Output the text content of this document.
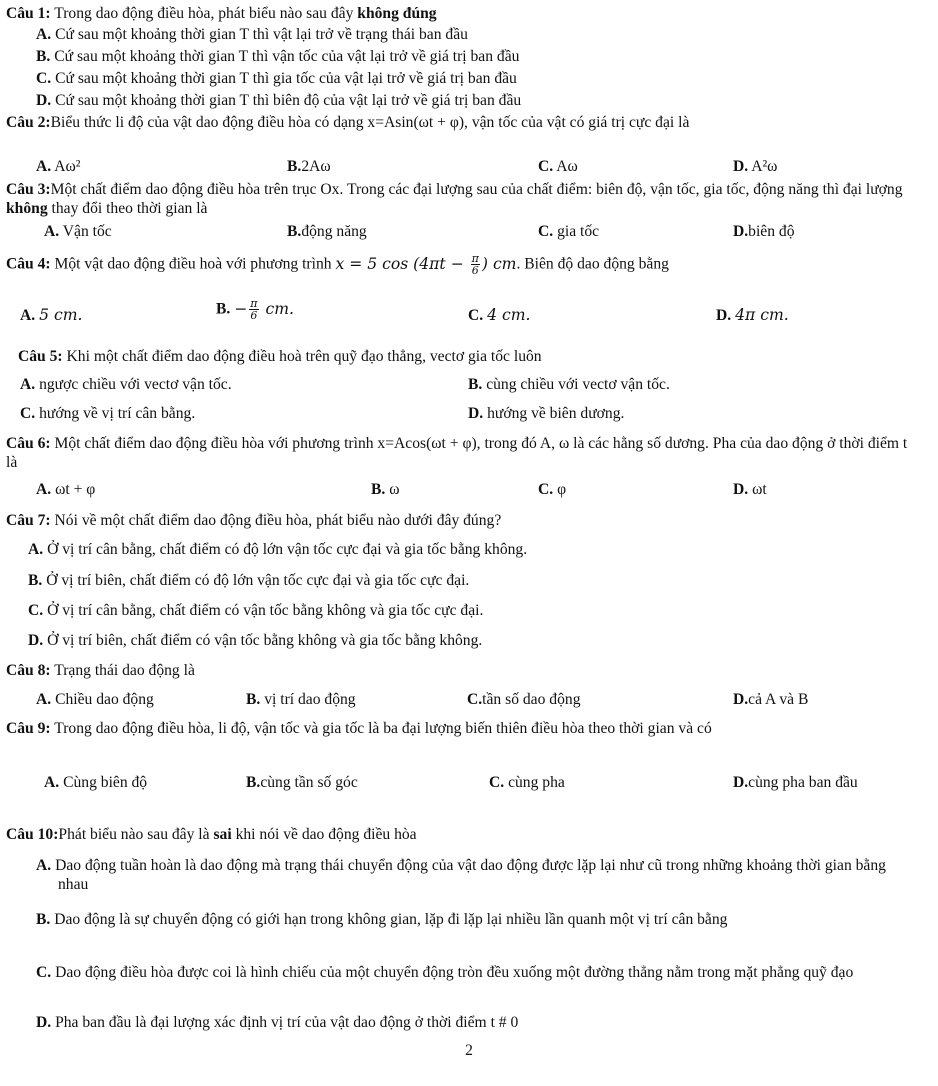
Câu 1: Trong dao động điều hòa, phát biểu nào sau đây không đúng
A. Cứ sau một khoảng thời gian T thì vật lại trở về trạng thái ban đầu
B. Cứ sau một khoảng thời gian T thì vận tốc của vật lại trở về giá trị ban đầu
C. Cứ sau một khoảng thời gian T thì gia tốc của vật lại trở về giá trị ban đầu
D. Cứ sau một khoảng thời gian T thì biên độ của vật lại trở về giá trị ban đầu
Câu 2:Biểu thức li độ của vật dao động điều hòa có dạng x=Asin(ωt + φ), vận tốc của vật có giá trị cực đại là
A. Aω²	B.2Aω	C. Aω	D. A²ω
Câu 3:Một chất điểm dao động điều hòa trên trục Ox. Trong các đại lượng sau của chất điểm: biên độ, vận tốc, gia tốc, động năng thì đại lượng không thay đổi theo thời gian là
A. Vận tốc	B.động năng	C. gia tốc	D.biên độ
Câu 4: Một vật dao động điều hoà với phương trình x = 5 $\cos (4\pi t - \frac{\pi}{6}$ ) cm. Biên độ dao động bằng
A. 5 cm.	B. − $\frac{\pi}{6}$ cm.	C. 4 cm.	D. 4π cm.
Câu 5: Khi một chất điểm dao động điều hoà trên quỹ đạo thẳng, vectơ gia tốc luôn
A. ngược chiều với vectơ vận tốc.	B. cùng chiều với vectơ vận tốc.
C. hướng về vị trí cân bằng.	D. hướng về biên dương.
Câu 6: Một chất điểm dao động điều hòa với phương trình x=Acos(ωt + φ), trong đó A, ω là các hằng số dương. Pha của dao động ở thời điểm t là
A. ωt + φ	B. ω	C. φ	D. ωt
Câu 7: Nói về một chất điểm dao động điều hòa, phát biểu nào dưới đây đúng?
A. Ở vị trí cân bằng, chất điểm có độ lớn vận tốc cực đại và gia tốc bằng không.
B. Ở vị trí biên, chất điểm có độ lớn vận tốc cực đại và gia tốc cực đại.
C. Ở vị trí cân bằng, chất điểm có vận tốc bằng không và gia tốc cực đại.
D. Ở vị trí biên, chất điểm có vận tốc bằng không và gia tốc bằng không.
Câu 8: Trạng thái dao động là
A. Chiều dao động	B. vị trí dao động	C.tần số dao động	D.cả A và B
Câu 9: Trong dao động điều hòa, li độ, vận tốc và gia tốc là ba đại lượng biến thiên điều hòa theo thời gian và có
A. Cùng biên độ	B.cùng tần số góc	C. cùng pha	D.cùng pha ban đầu
Câu 10:Phát biểu nào sau đây là sai khi nói về dao động điều hòa
A. Dao động tuần hoàn là dao động mà trạng thái chuyển động của vật dao động được lặp lại như cũ trong những khoảng thời gian bằng nhau
B. Dao động là sự chuyển động có giới hạn trong không gian, lặp đi lặp lại nhiều lần quanh một vị trí cân bằng
C. Dao động điều hòa được coi là hình chiếu của một chuyển động tròn đều xuống một đường thẳng nằm trong mặt phẳng quỹ đạo
D. Pha ban đầu là đại lượng xác định vị trí của vật dao động ở thời điểm t # 0
2
